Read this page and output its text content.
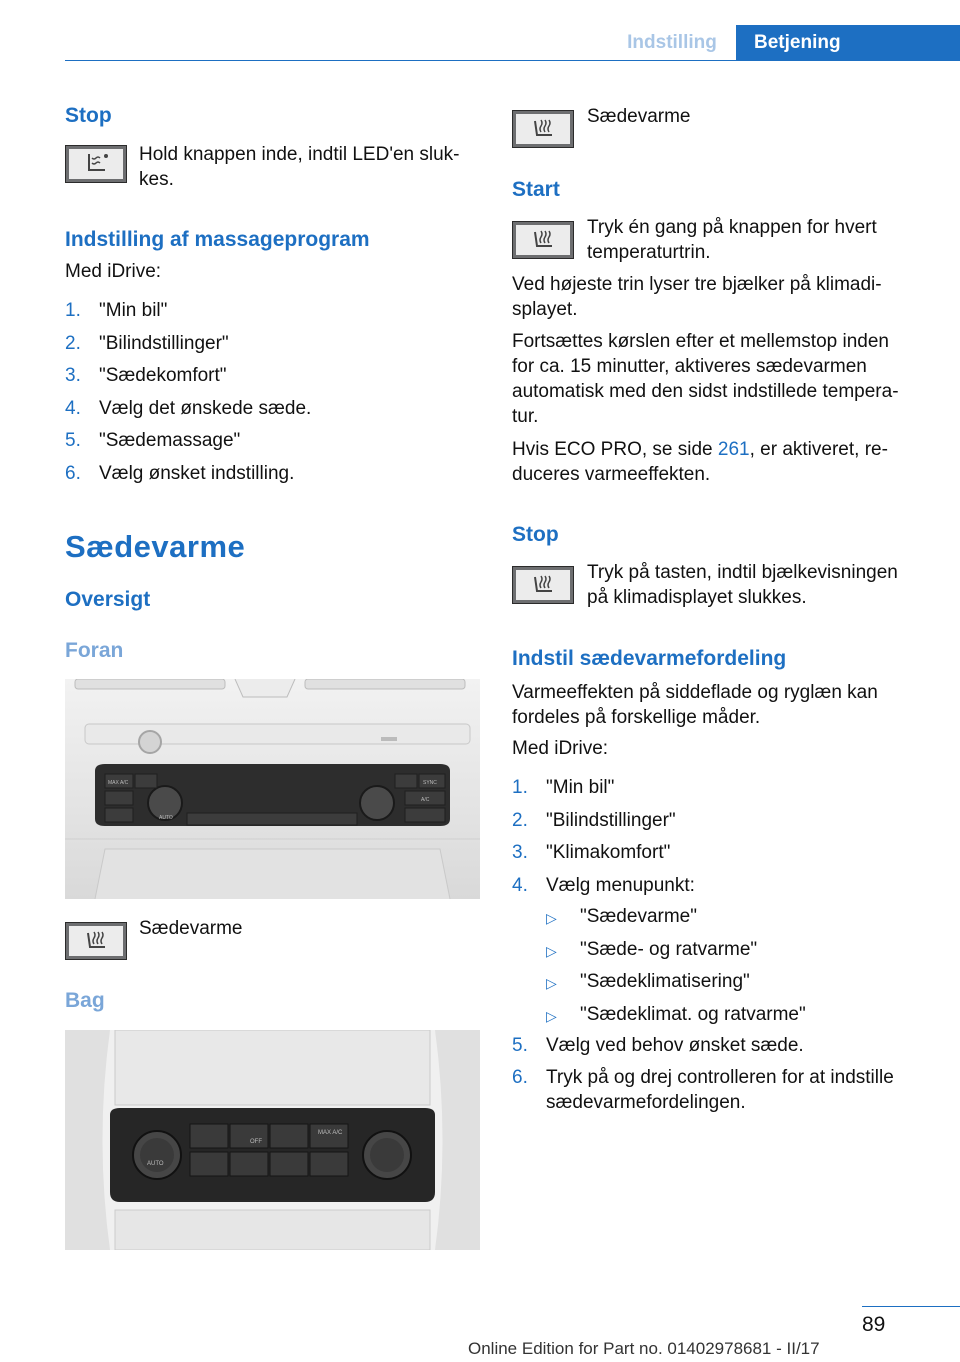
Indstilling	Betjening
Stop
Hold knappen inde, indtil LED'en sluk-
kes.
Indstilling af massageprogram
Med iDrive:
1. "Min bil"
2. "Bilindstillinger"
3. "Sædekomfort"
4. Vælg det ønskede sæde.
5. "Sædemassage"
6. Vælg ønsket indstilling.
Sædevarme
Oversigt
Foran
MAX A/C
AUTO
SYNC
A/C
Sædevarme
Bag
AUTO
OFF
MAX A/C
Sædevarme
Start
Tryk én gang på knappen for hvert
temperaturtrin.
Ved højeste trin lyser tre bjælker på klimadi-
splayet.
Fortsættes kørslen efter et mellemstop inden
for ca. 15 minutter, aktiveres sædevarmen
automatisk med den sidst indstillede tempera-
tur.
Hvis ECO PRO, se side 261, er aktiveret, re-
duceres varmeeffekten.
Stop
Tryk på tasten, indtil bjælkevisningen
på klimadisplayet slukkes.
Indstil sædevarmefordeling
Varmeeffekten på siddeflade og ryglæn kan
fordeles på forskellige måder.
Med iDrive:
1. "Min bil"
2. "Bilindstillinger"
3. "Klimakomfort"
4. Vælg menupunkt:
▷ "Sædevarme"
▷ "Sæde- og ratvarme"
▷ "Sædeklimatisering"
▷ "Sædeklimat. og ratvarme"
5. Vælg ved behov ønsket sæde.
6. Tryk på og drej controlleren for at indstille
sædevarmefordelingen.
89
Online Edition for Part no. 01402978681 - II/17
